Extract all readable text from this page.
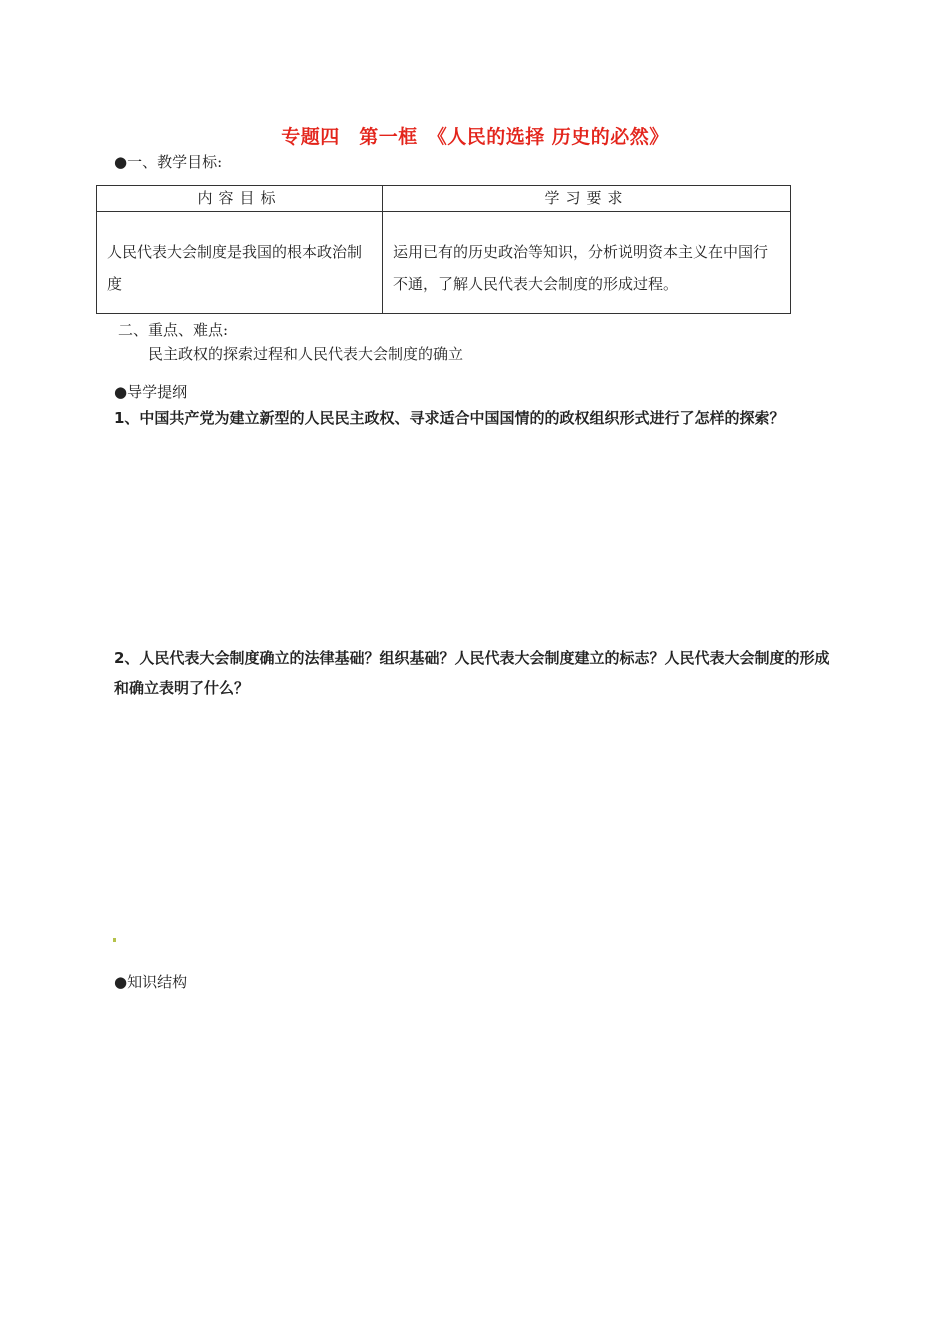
专题四　第一框　《人民的选择 历史的必然》
●一、教学目标:
内容目标	学习要求
人民代表大会制度是我国的根本政治制度	运用已有的历史政治等知识，分析说明资本主义在中国行不通，了解人民代表大会制度的形成过程。
二、重点、难点:
民主政权的探索过程和人民代表大会制度的确立
●导学提纲
1、中国共产党为建立新型的人民民主政权、寻求适合中国国情的的政权组织形式进行了怎样的探索？
2、人民代表大会制度确立的法律基础？组织基础？人民代表大会制度建立的标志？人民代表大会制度的形成和确立表明了什么？
●知识结构
